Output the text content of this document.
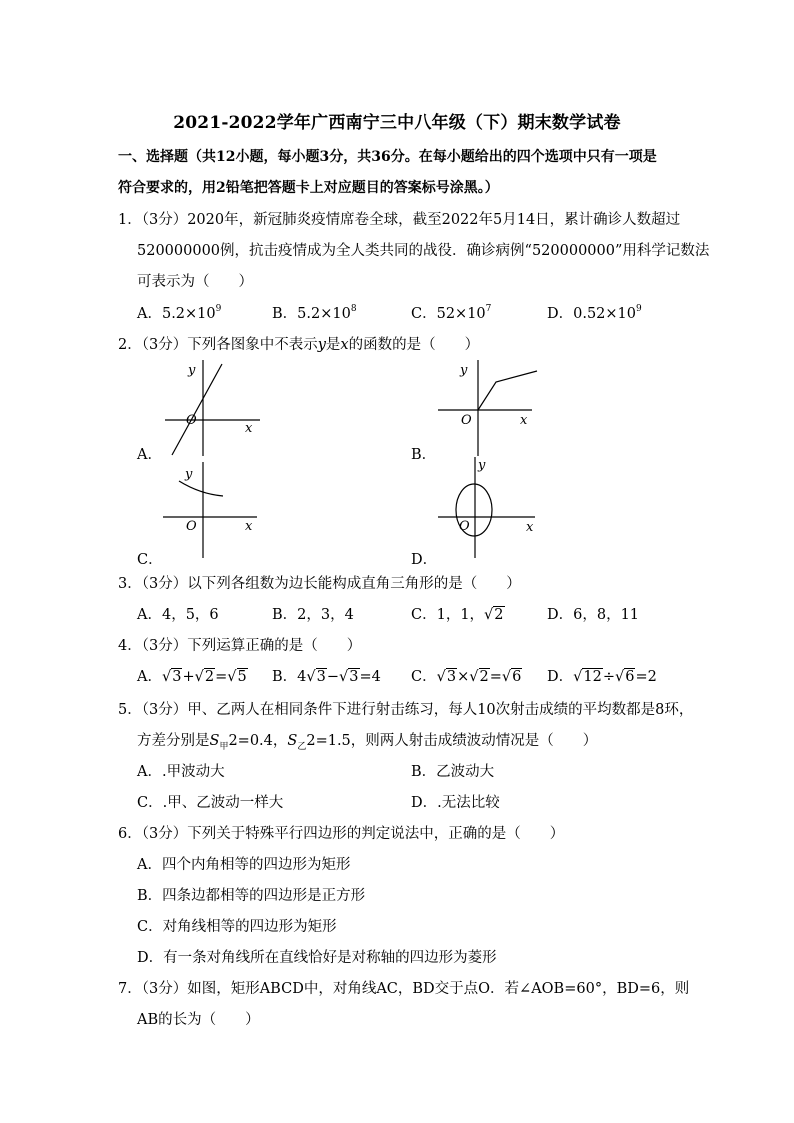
2021-2022学年广西南宁三中八年级（下）期末数学试卷
一、选择题（共12小题，每小题3分，共36分。在每小题给出的四个选项中只有一项是
符合要求的，用2铅笔把答题卡上对应题目的答案标号涂黑。）
1．（3分）2020年，新冠肺炎疫情席卷全球，截至2022年5月14日，累计确诊人数超过
520000000例，抗击疫情成为全人类共同的战役．确诊病例“520000000”用科学记数法
可表示为（　　）
A．$5.2\times 10^9$	B．$5.2\times 10^8$	C．$52\times 10^7$	D．$0.52\times 10^9$
2．（3分）下列各图象中不表示y是x的函数的是（　　）
y
x
O
A．
y
x
O
B．
y
x
O
C．
y
x
O
D．
3．（3分）以下列各组数为边长能构成直角三角形的是（　　）
A．4，5，6	B．2，3，4	C．1，1，√2	D．6，8，11
4．（3分）下列运算正确的是（　　）
A．√3+√2=√5 B．4√3−√3=4 C．√3×√2=√6 D．√12÷√6=2
5．（3分）甲、乙两人在相同条件下进行射击练习，每人10次射击成绩的平均数都是8环，
方差分别是$S_甲2=0.4$，$S_乙2=1.5$，则两人射击成绩波动情况是（　　）
A．.甲波动大	B．乙波动大
C．.甲、乙波动一样大	D．.无法比较
6．（3分）下列关于特殊平行四边形的判定说法中，正确的是（　　）
A．四个内角相等的四边形为矩形
B．四条边都相等的四边形是正方形
C．对角线相等的四边形为矩形
D．有一条对角线所在直线恰好是对称轴的四边形为菱形
7．（3分）如图，矩形ABCD中，对角线AC，BD交于点O．若∠AOB=60°，BD=6，则
AB的长为（　　）
